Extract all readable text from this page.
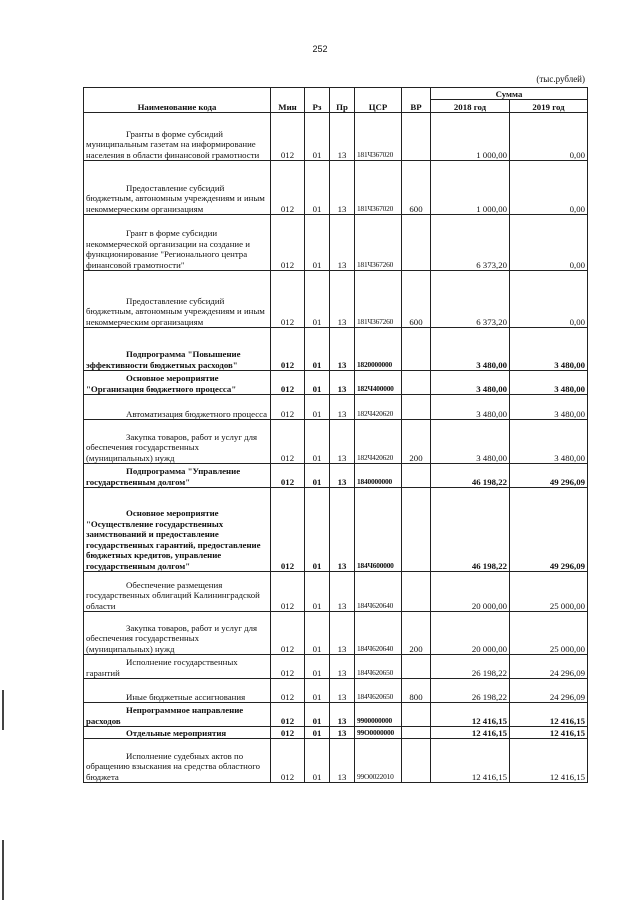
252
(тыс.рублей)
Наименование кода	Мин	Рз	Пр	ЦСР	ВР	Сумма	
						2018 год	2019 год

Гранты в форме субсидий муниципальным газетам на информирование населения в области финансовой грамотности	012	01	13	181Ч367020		1 000,00	0,00

Предоставление субсидий бюджетным, автономным учреждениям и иным некоммерческим организациям	012	01	13	181Ч367020	600	1 000,00	0,00

Грант в форме субсидии некоммерческой организации на создание и функционирование "Регионального центра финансовой грамотности"	012	01	13	181Ч367260		6 373,20	0,00

Предоставление субсидий бюджетным, автономным учреждениям и иным некоммерческим организациям	012	01	13	181Ч367260	600	6 373,20	0,00

Подпрограмма "Повышение эффективности бюджетных расходов"	012	01	13	1820000000		3 480,00	3 480,00

Основное мероприятие "Организация бюджетного процесса"	012	01	13	182Ч400000		3 480,00	3 480,00

Автоматизация бюджетного процесса	012	01	13	182Ч420620		3 480,00	3 480,00

Закупка товаров, работ и услуг для обеспечения государственных (муниципальных) нужд	012	01	13	182Ч420620	200	3 480,00	3 480,00

Подпрограмма "Управление государственным долгом"	012	01	13	1840000000		46 198,22	49 296,09

Основное мероприятие "Осуществление государственных заимствований и предоставление государственных гарантий, предоставление бюджетных кредитов, управление государственным долгом"	012	01	13	184Ч600000		46 198,22	49 296,09

Обеспечение размещения государственных облигаций Калининградской области	012	01	13	184Ч620640		20 000,00	25 000,00

Закупка товаров, работ и услуг для обеспечения государственных (муниципальных) нужд	012	01	13	184Ч620640	200	20 000,00	25 000,00

Исполнение государственных гарантий	012	01	13	184Ч620650		26 198,22	24 296,09

Иные бюджетные ассигнования	012	01	13	184Ч620650	800	26 198,22	24 296,09

Непрограммное направление расходов	012	01	13	9900000000		12 416,15	12 416,15

Отдельные мероприятия	012	01	13	99О0000000		12 416,15	12 416,15

Исполнение судебных актов по обращению взыскания на средства областного бюджета	012	01	13	99О0022010		12 416,15	12 416,15
